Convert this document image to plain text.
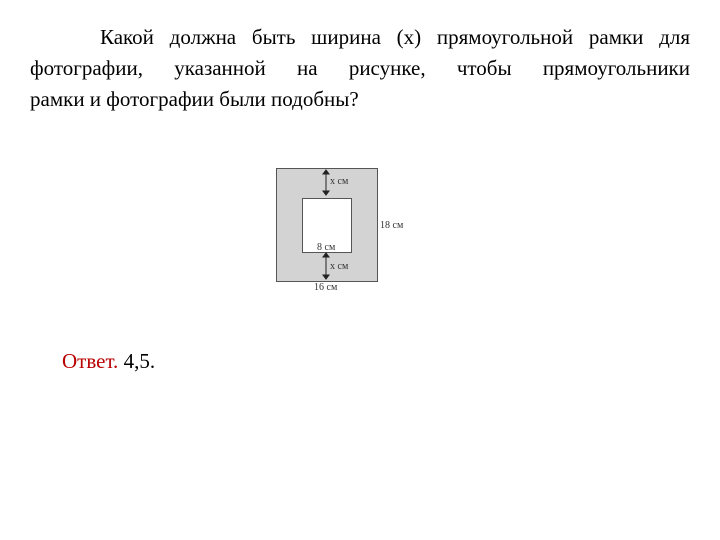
Какой должна быть ширина (x) прямоугольной рамки для
фотографии, указанной на рисунке, чтобы прямоугольники
рамки и фотографии были подобны?
x см
8 см
x см
18 см
16 см
Ответ. 4,5.
